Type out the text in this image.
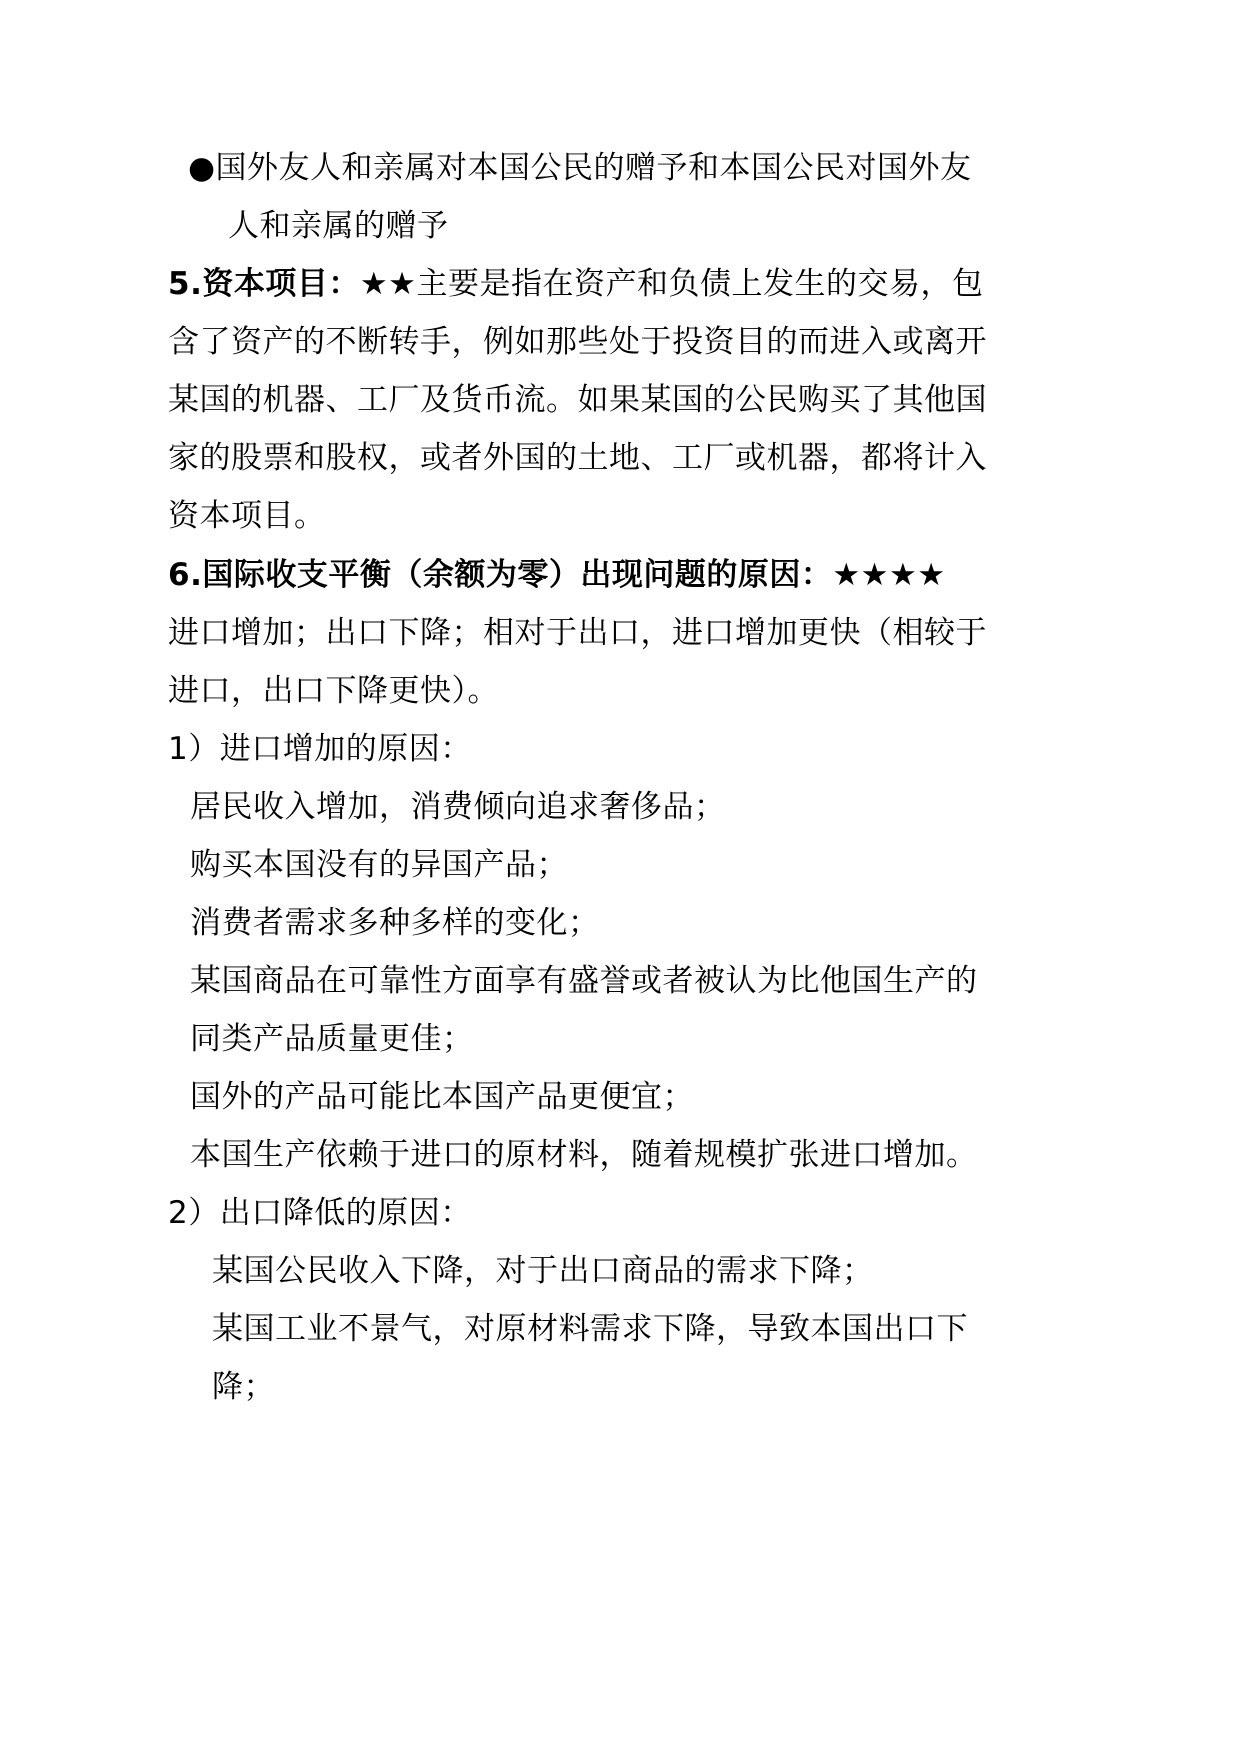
●国外友人和亲属对本国公民的赠予和本国公民对国外友
人和亲属的赠予
5.资本项目：★★主要是指在资产和负债上发生的交易，包
含了资产的不断转手，例如那些处于投资目的而进入或离开
某国的机器、工厂及货币流。如果某国的公民购买了其他国
家的股票和股权，或者外国的土地、工厂或机器，都将计入
资本项目。
6.国际收支平衡（余额为零）出现问题的原因：★★★★
进口增加；出口下降；相对于出口，进口增加更快（相较于
进口，出口下降更快）。
1）进口增加的原因：
居民收入增加，消费倾向追求奢侈品；
购买本国没有的异国产品；
消费者需求多种多样的变化；
某国商品在可靠性方面享有盛誉或者被认为比他国生产的
同类产品质量更佳；
国外的产品可能比本国产品更便宜；
本国生产依赖于进口的原材料，随着规模扩张进口增加。
2）出口降低的原因：
某国公民收入下降，对于出口商品的需求下降；
某国工业不景气，对原材料需求下降，导致本国出口下
降；
